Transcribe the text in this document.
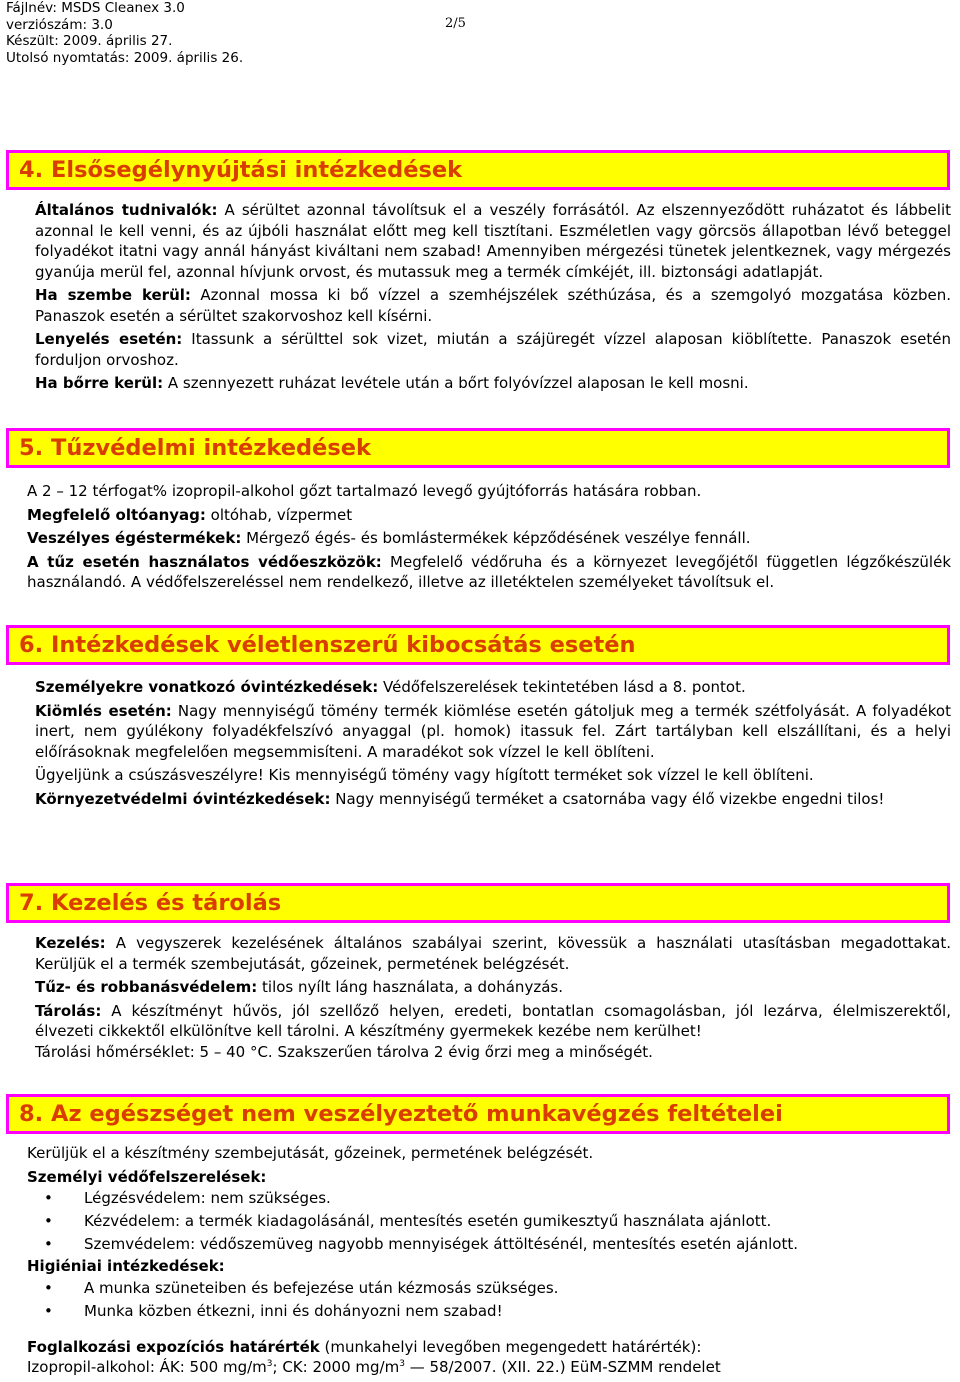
Fájlnév: MSDS Cleanex 3.0
verziószám: 3.0
Készült: 2009. április 27.
Utolsó nyomtatás: 2009. április 26.
2/5
4. Elsősegélynyújtási intézkedések

Általános tudnivalók: A sérültet azonnal távolítsuk el a veszély forrásától. Az elszennyeződött ruházatot és lábbelit azonnal le kell venni, és az újbóli használat előtt meg kell tisztítani. Eszméletlen vagy görcsös állapotban lévő beteggel folyadékot itatni vagy annál hányást kiváltani nem szabad! Amennyiben mérgezési tünetek jelentkeznek, vagy mérgezés gyanúja merül fel, azonnal hívjunk orvost, és mutassuk meg a termék címkéjét, ill. biztonsági adatlapját.

Ha szembe kerül: Azonnal mossa ki bő vízzel a szemhéjszélek széthúzása, és a szemgolyó mozgatása közben. Panaszok esetén a sérültet szakorvoshoz kell kísérni.

Lenyelés esetén: Itassunk a sérülttel sok vizet, miután a szájüregét vízzel alaposan kiöblítette. Panaszok esetén forduljon orvoshoz.

Ha bőrre kerül: A szennyezett ruházat levétele után a bőrt folyóvízzel alaposan le kell mosni.

5. Tűzvédelmi intézkedések

A 2 – 12 térfogat% izopropil-alkohol gőzt tartalmazó levegő gyújtóforrás hatására robban.

Megfelelő oltóanyag: oltóhab, vízpermet

Veszélyes égéstermékek: Mérgező égés- és bomlástermékek képződésének veszélye fennáll.

A tűz esetén használatos védőeszközök: Megfelelő védőruha és a környezet levegőjétől független légzőkészülék használandó. A védőfelszereléssel nem rendelkező, illetve az illetéktelen személyeket távolítsuk el.

6. Intézkedések véletlenszerű kibocsátás esetén

Személyekre vonatkozó óvintézkedések: Védőfelszerelések tekintetében lásd a 8. pontot.

Kiömlés esetén: Nagy mennyiségű tömény termék kiömlése esetén gátoljuk meg a termék szétfolyását. A folyadékot inert, nem gyúlékony folyadékfelszívó anyaggal (pl. homok) itassuk fel. Zárt tartályban kell elszállítani, és a helyi előírásoknak megfelelően megsemmisíteni. A maradékot sok vízzel le kell öblíteni.

Ügyeljünk a csúszásveszélyre! Kis mennyiségű tömény vagy hígított terméket sok vízzel le kell öblíteni.

Környezetvédelmi óvintézkedések: Nagy mennyiségű terméket a csatornába vagy élő vizekbe engedni tilos!

7. Kezelés és tárolás

Kezelés: A vegyszerek kezelésének általános szabályai szerint, kövessük a használati utasításban megadottakat. Kerüljük el a termék szembejutását, gőzeinek, permetének belégzését.

Tűz- és robbanásvédelem: tilos nyílt láng használata, a dohányzás.

Tárolás: A készítményt hűvös, jól szellőző helyen, eredeti, bontatlan csomagolásban, jól lezárva, élelmiszerektől, élvezeti cikkektől elkülönítve kell tárolni. A készítmény gyermekek kezébe nem kerülhet!

Tárolási hőmérséklet: 5 – 40 °C. Szakszerűen tárolva 2 évig őrzi meg a minőségét.

8. Az egészséget nem veszélyeztető munkavégzés feltételei

Kerüljük el a készítmény szembejutását, gőzeinek, permetének belégzését.

Személyi védőfelszerelések:

• Légzésvédelem: nem szükséges.
• Kézvédelem: a termék kiadagolásánál, mentesítés esetén gumikesztyű használata ajánlott.
• Szemvédelem: védőszemüveg nagyobb mennyiségek áttöltésénél, mentesítés esetén ajánlott.

Higiéniai intézkedések:

• A munka szüneteiben és befejezése után kézmosás szükséges.
• Munka közben étkezni, inni és dohányozni nem szabad!

Foglalkozási expozíciós határérték (munkahelyi levegőben megengedett határérték):

Izopropil-alkohol: ÁK: 500 $mg/m^3$; CK: 2000 $mg/m^3$ — 58/2007. (XII. 22.) EüM-SZMM rendelet
